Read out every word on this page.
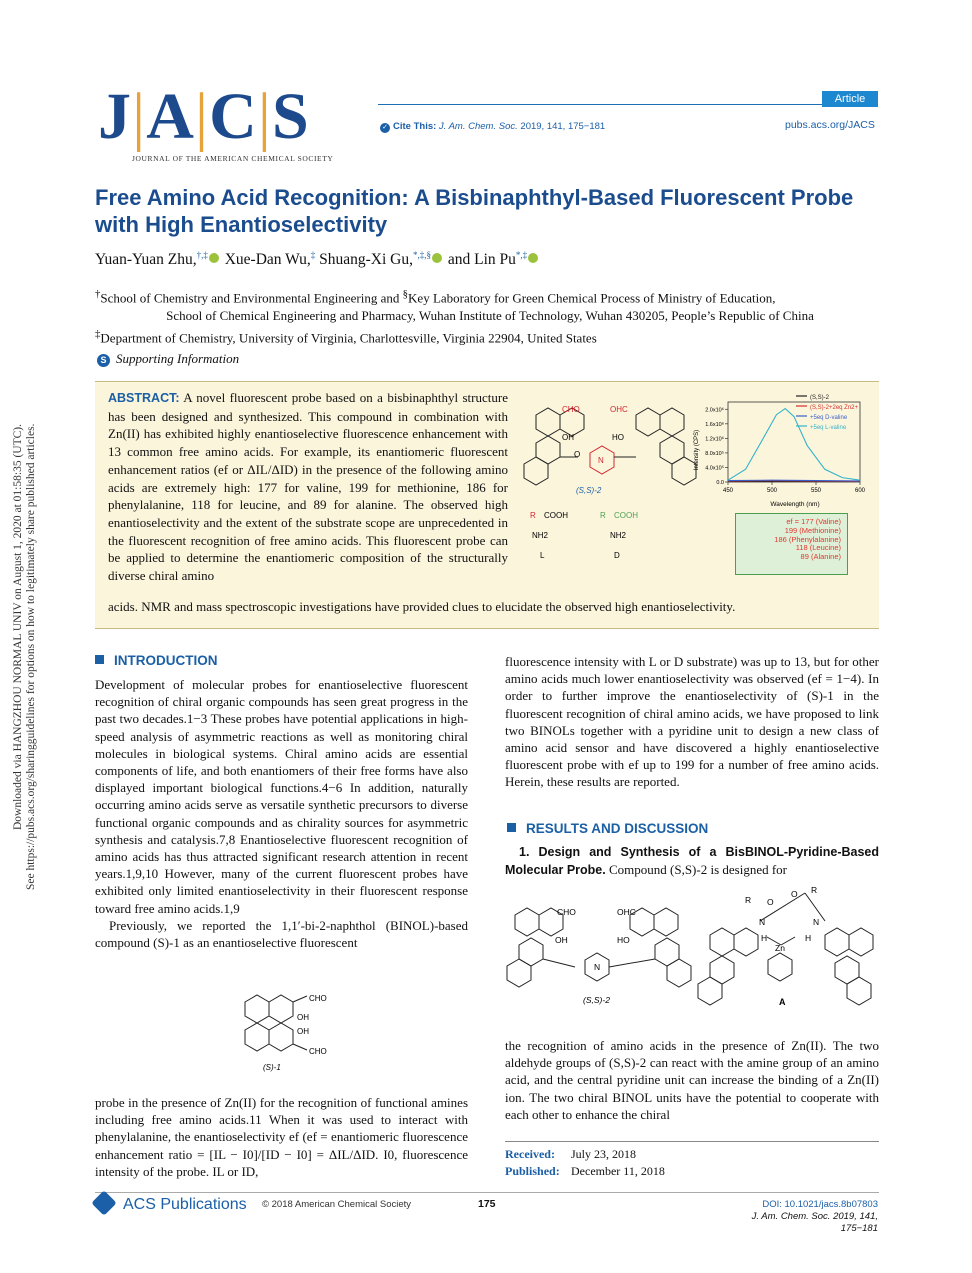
J|A|C|S
JOURNAL OF THE AMERICAN CHEMICAL SOCIETY
Article
✓ Cite This: J. Am. Chem. Soc. 2019, 141, 175−181	pubs.acs.org/JACS
Free Amino Acid Recognition: A Bisbinaphthyl-Based Fluorescent Probe with High Enantioselectivity
Yuan-Yuan Zhu,†,‡ Xue-Dan Wu,‡ Shuang-Xi Gu,*,‡,§ and Lin Pu*,‡

†School of Chemistry and Environmental Engineering and §Key Laboratory for Green Chemical Process of Ministry of Education,

School of Chemical Engineering and Pharmacy, Wuhan Institute of Technology, Wuhan 430205, People’s Republic of China

‡Department of Chemistry, University of Virginia, Charlottesville, Virginia 22904, United States

S Supporting Information
ABSTRACT: A novel fluorescent probe based on a bisbinaphthyl structure has been designed and synthesized. This compound in combination with Zn(II) has exhibited highly enantioselective fluorescence enhancement with 13 common free amino acids. For example, its enantiomeric fluorescent enhancement ratios (ef or ΔIL/ΔID) in the presence of the following amino acids are extremely high: 177 for valine, 199 for methionine, 186 for phenylalanine, 118 for leucine, and 89 for alanine. The observed high enantioselectivity and the extent of the substrate scope are unprecedented in the fluorescent recognition of free amino acids. This fluorescent probe can be applied to determine the enantiomeric composition of the structurally diverse chiral amino
acids. NMR and mass spectroscopic investigations have provided clues to elucidate the observed high enantioselectivity.
CHO	OHC
OH	HO
N
O
(S,S)-2
R COOH
NH2
L
R COOH
NH2
D
Intensity (CPS)
Wavelength (nm)
(S,S)-2
(S,S)-2+2eq Zn2+
+5eq D-valine
+5eq L-valine
0.0
4.0x10⁵
8.0x10⁵
1.2x10⁶
1.6x10⁶
2.0x10⁶
450	500	550	600
ef = 177 (Valine)
199 (Methionine)
186 (Phenylalanine)
118 (Leucine)
89 (Alanine)
Downloaded via HANGZHOU NORMAL UNIV on August 1, 2020 at 01:58:35 (UTC). See https://pubs.acs.org/sharingguidelines for options on how to legitimately share published articles.	INTRODUCTION

Development of molecular probes for enantioselective fluorescent recognition of chiral organic compounds has seen great progress in the past two decades.1−3 These probes have potential applications in high-speed analysis of asymmetric reactions as well as monitoring chiral molecules in biological systems. Chiral amino acids are essential components of life, and both enantiomers of their free forms have also displayed important biological functions.4−6 In addition, naturally occurring amino acids serve as versatile synthetic precursors to diverse functional organic compounds and as chirality sources for asymmetric synthesis and catalysis.7,8 Enantioselective fluorescent recognition of amino acids has thus attracted significant research attention in recent years.1,9,10 However, many of the current fluorescent probes have exhibited only limited enantioselectivity in their fluorescent response toward free amino acids.1,9

Previously, we reported the 1,1′-bi-2-naphthol (BINOL)-based compound (S)-1 as an enantioselective fluorescent

CHO
OH
OH
CHO
(S)-1

probe in the presence of Zn(II) for the recognition of functional amines including free amino acids.11 When it was used to interact with phenylalanine, the enantioselectivity ef (ef = enantiomeric fluorescence enhancement ratio = [IL − I0]/[ID − I0] = ΔIL/ΔID. I0, fluorescence intensity of the probe. IL or ID,

fluorescence intensity with L or D substrate) was up to 13, but for other amino acids much lower enantioselectivity was observed (ef = 1−4). In order to further improve the enantioselectivity of (S)-1 in the fluorescent recognition of chiral amino acids, we have proposed to link two BINOLs together with a pyridine unit to design a new class of amino acid sensor and have discovered a highly enantioselective fluorescent probe with ef up to 199 for a number of free amino acids. Herein, these results are reported.

RESULTS AND DISCUSSION

1. Design and Synthesis of a BisBINOL-Pyridine-Based Molecular Probe. Compound (S,S)-2 is designed for

CHO	OHC
OH	HO
N
(S,S)-2
R
R
O
O
N	N
H	H
Zn
A

the recognition of amino acids in the presence of Zn(II). The two aldehyde groups of (S,S)-2 can react with the amine group of an amino acid, and the central pyridine unit can increase the binding of a Zn(II) ion. The two chiral BINOL units have the potential to cooperate with each other to enhance the chiral

Received: July 23, 2018
Published: December 11, 2018
ACS Publications © 2018 American Chemical Society	175	DOI: 10.1021/jacs.8b07803
J. Am. Chem. Soc. 2019, 141, 175−181
